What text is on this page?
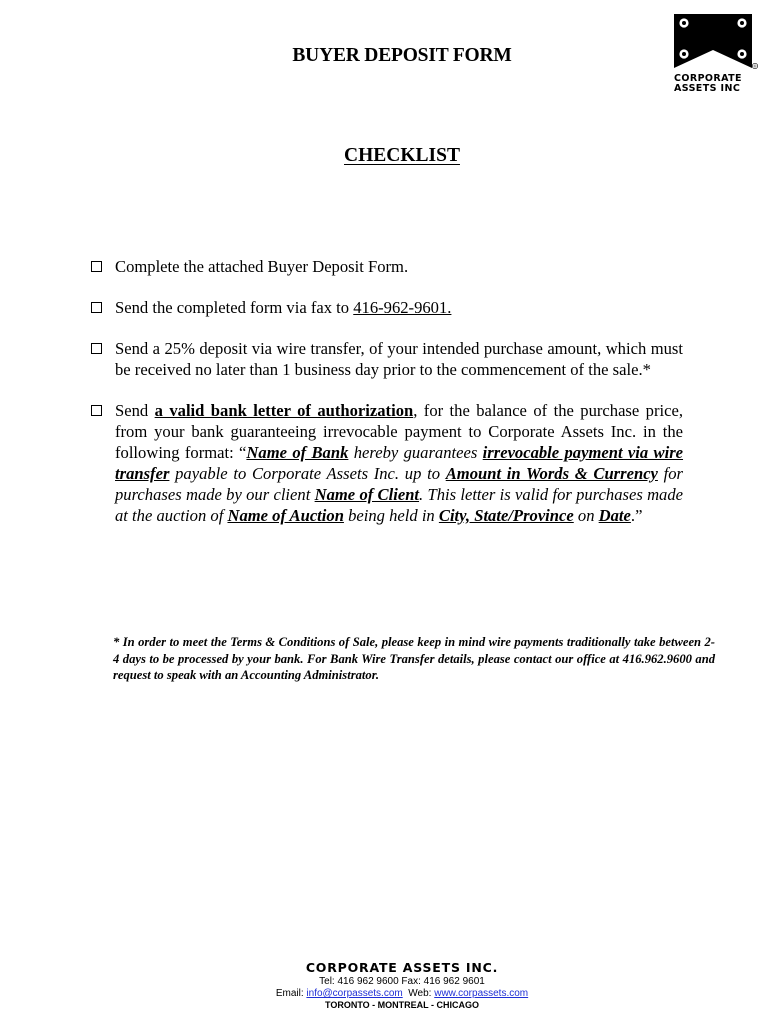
®
CORPORATE
ASSETS INC
BUYER DEPOSIT FORM
CHECKLIST
Complete the attached Buyer Deposit Form.
Send the completed form via fax to 416-962-9601.
Send a 25% deposit via wire transfer, of your intended purchase amount, which must be received no later than 1 business day prior to the commencement of the sale.*
Send a valid bank letter of authorization, for the balance of the purchase price, from your bank guaranteeing irrevocable payment to Corporate Assets Inc. in the following format: “Name of Bank hereby guarantees irrevocable payment via wire transfer payable to Corporate Assets Inc. up to Amount in Words & Currency for purchases made by our client Name of Client. This letter is valid for purchases made at the auction of Name of Auction being held in City, State/Province on Date.”

* In order to meet the Terms & Conditions of Sale, please keep in mind wire payments traditionally take between 2-4 days to be processed by your bank. For Bank Wire Transfer details, please contact our office at 416.962.9600 and request to speak with an Accounting Administrator.

CORPORATE ASSETS INC.
Tel: 416 962 9600 Fax: 416 962 9601
Email: info@corpassets.com  Web: www.corpassets.com
TORONTO - MONTREAL - CHICAGO
